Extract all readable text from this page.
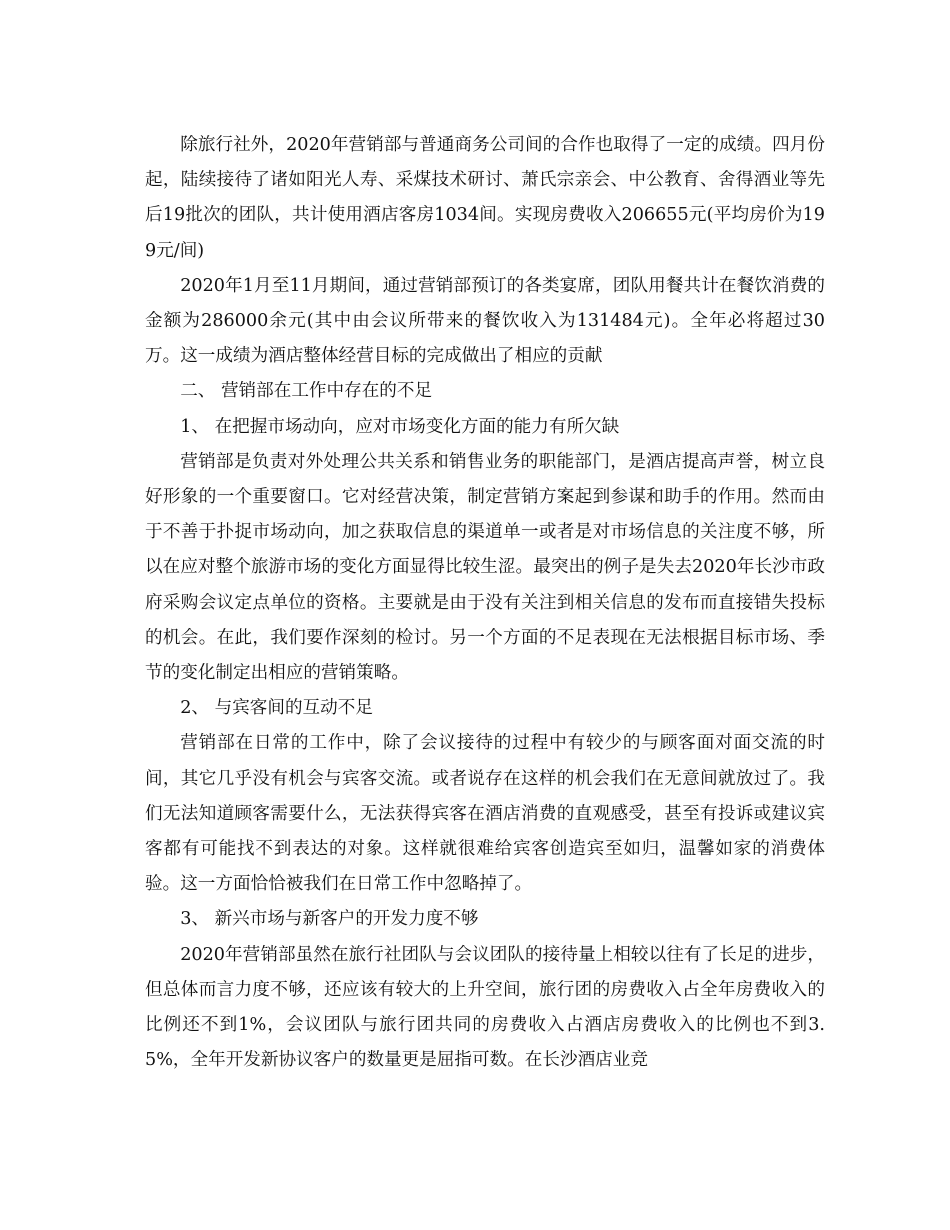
除旅行社外，2020年营销部与普通商务公司间的合作也取得了一定的成绩。四月份起，陆续接待了诸如阳光人寿、采煤技术研讨、萧氏宗亲会、中公教育、舍得酒业等先后19批次的团队，共计使用酒店客房1034间。实现房费收入206655元(平均房价为199元/间)

2020年1月至11月期间，通过营销部预订的各类宴席，团队用餐共计在餐饮消费的金额为286000余元(其中由会议所带来的餐饮收入为131484元)。全年必将超过30万。这一成绩为酒店整体经营目标的完成做出了相应的贡献

二、 营销部在工作中存在的不足

1、 在把握市场动向，应对市场变化方面的能力有所欠缺

营销部是负责对外处理公共关系和销售业务的职能部门，是酒店提高声誉，树立良好形象的一个重要窗口。它对经营决策，制定营销方案起到参谋和助手的作用。然而由于不善于扑捉市场动向，加之获取信息的渠道单一或者是对市场信息的关注度不够，所以在应对整个旅游市场的变化方面显得比较生涩。最突出的例子是失去2020年长沙市政府采购会议定点单位的资格。主要就是由于没有关注到相关信息的发布而直接错失投标的机会。在此，我们要作深刻的检讨。另一个方面的不足表现在无法根据目标市场、季节的变化制定出相应的营销策略。

2、 与宾客间的互动不足

营销部在日常的工作中，除了会议接待的过程中有较少的与顾客面对面交流的时间，其它几乎没有机会与宾客交流。或者说存在这样的机会我们在无意间就放过了。我们无法知道顾客需要什么，无法获得宾客在酒店消费的直观感受，甚至有投诉或建议宾客都有可能找不到表达的对象。这样就很难给宾客创造宾至如归，温馨如家的消费体验。这一方面恰恰被我们在日常工作中忽略掉了。

3、 新兴市场与新客户的开发力度不够

2020年营销部虽然在旅行社团队与会议团队的接待量上相较以往有了长足的进步，但总体而言力度不够，还应该有较大的上升空间，旅行团的房费收入占全年房费收入的比例还不到1%，会议团队与旅行团共同的房费收入占酒店房费收入的比例也不到3.5%，全年开发新协议客户的数量更是屈指可数。在长沙酒店业竞
